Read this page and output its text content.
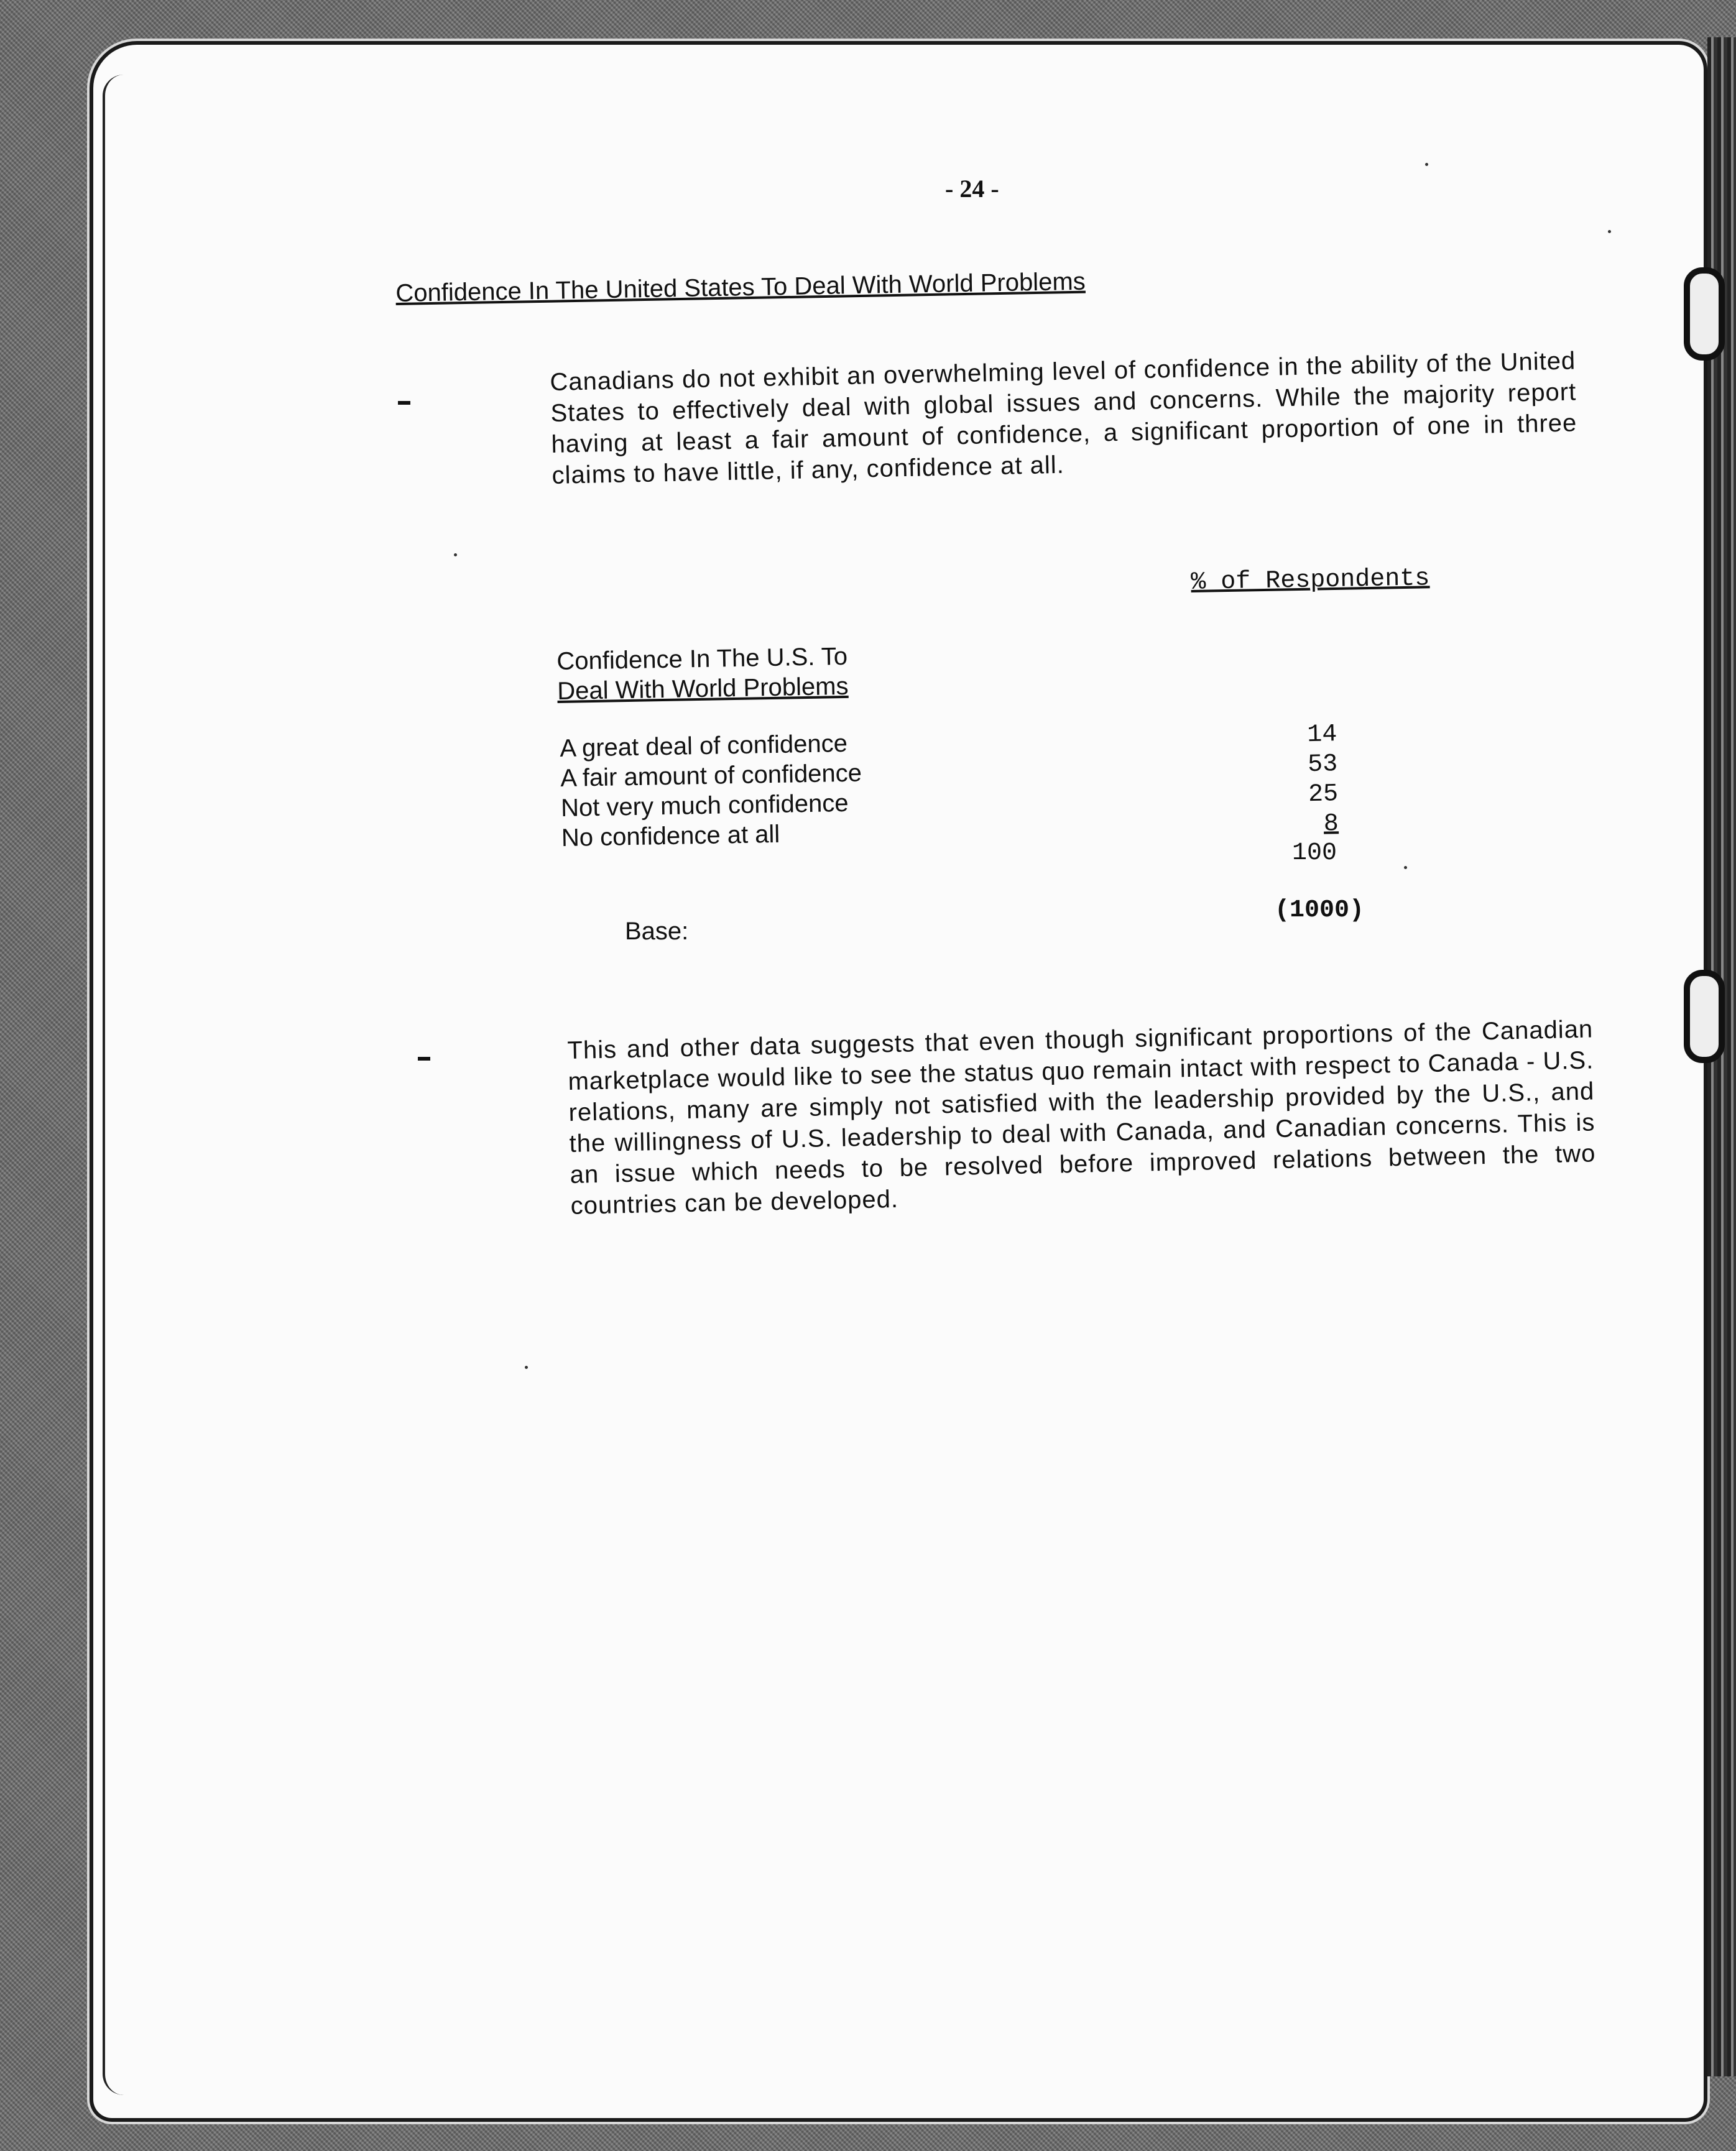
- 24 -
Confidence In The United States To Deal With World Problems
Canadians do not exhibit an overwhelming level of confidence in the ability of the United States to effectively deal with global issues and concerns. While the majority report having at least a fair amount of confidence, a significant proportion of one in three claims to have little, if any, confidence at all.
% of Respondents
Confidence In The U.S. To
Deal With World Problems
A great deal of confidence
A fair amount of confidence
Not very much confidence
No confidence at all
14
53
25
8
100
Base:
(1000)
This and other data suggests that even though significant proportions of the Canadian marketplace would like to see the status quo remain intact with respect to Canada - U.S. relations, many are simply not satisfied with the leadership provided by the U.S., and the willingness of U.S. leadership to deal with Canada, and Canadian concerns. This is an issue which needs to be resolved before improved relations between the two countries can be developed.
